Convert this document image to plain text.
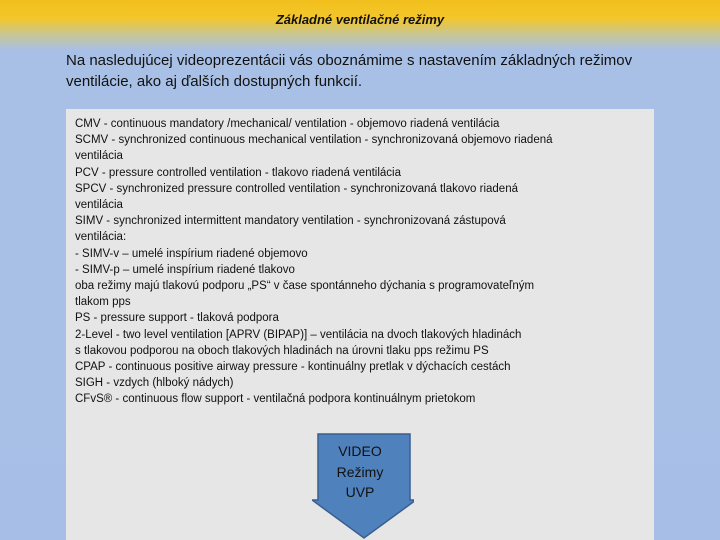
Základné ventilačné režimy
Na nasledujúcej videoprezentácii vás oboznámime s nastavením základných režimov ventilácie, ako aj ďalších dostupných funkcií.
CMV - continuous mandatory /mechanical/ ventilation - objemovo riadená ventilácia
SCMV - synchronized continuous mechanical ventilation - synchronizovaná objemovo riadená
ventilácia
PCV - pressure controlled ventilation - tlakovo riadená ventilácia
SPCV - synchronized pressure controlled ventilation - synchronizovaná tlakovo riadená
ventilácia
SIMV - synchronized intermittent mandatory ventilation - synchronizovaná zástupová
ventilácia:
- SIMV-v – umelé inspírium riadené objemovo
- SIMV-p – umelé inspírium riadené tlakovo
oba režimy majú tlakovú podporu „PS“ v čase spontánneho dýchania s programovateľným
tlakom pps
PS - pressure support - tlaková podpora
2-Level - two level ventilation [APRV (BIPAP)] – ventilácia na dvoch tlakových hladinách
s tlakovou podporou na oboch tlakových hladinách na úrovni tlaku pps režimu PS
CPAP - continuous positive airway pressure - kontinuálny pretlak v dýchacích cestách
SIGH - vzdych (hlboký nádych)
CFvS® - continuous flow support - ventilačná podpora kontinuálnym prietokom
VIDEO
Režimy
UVP
